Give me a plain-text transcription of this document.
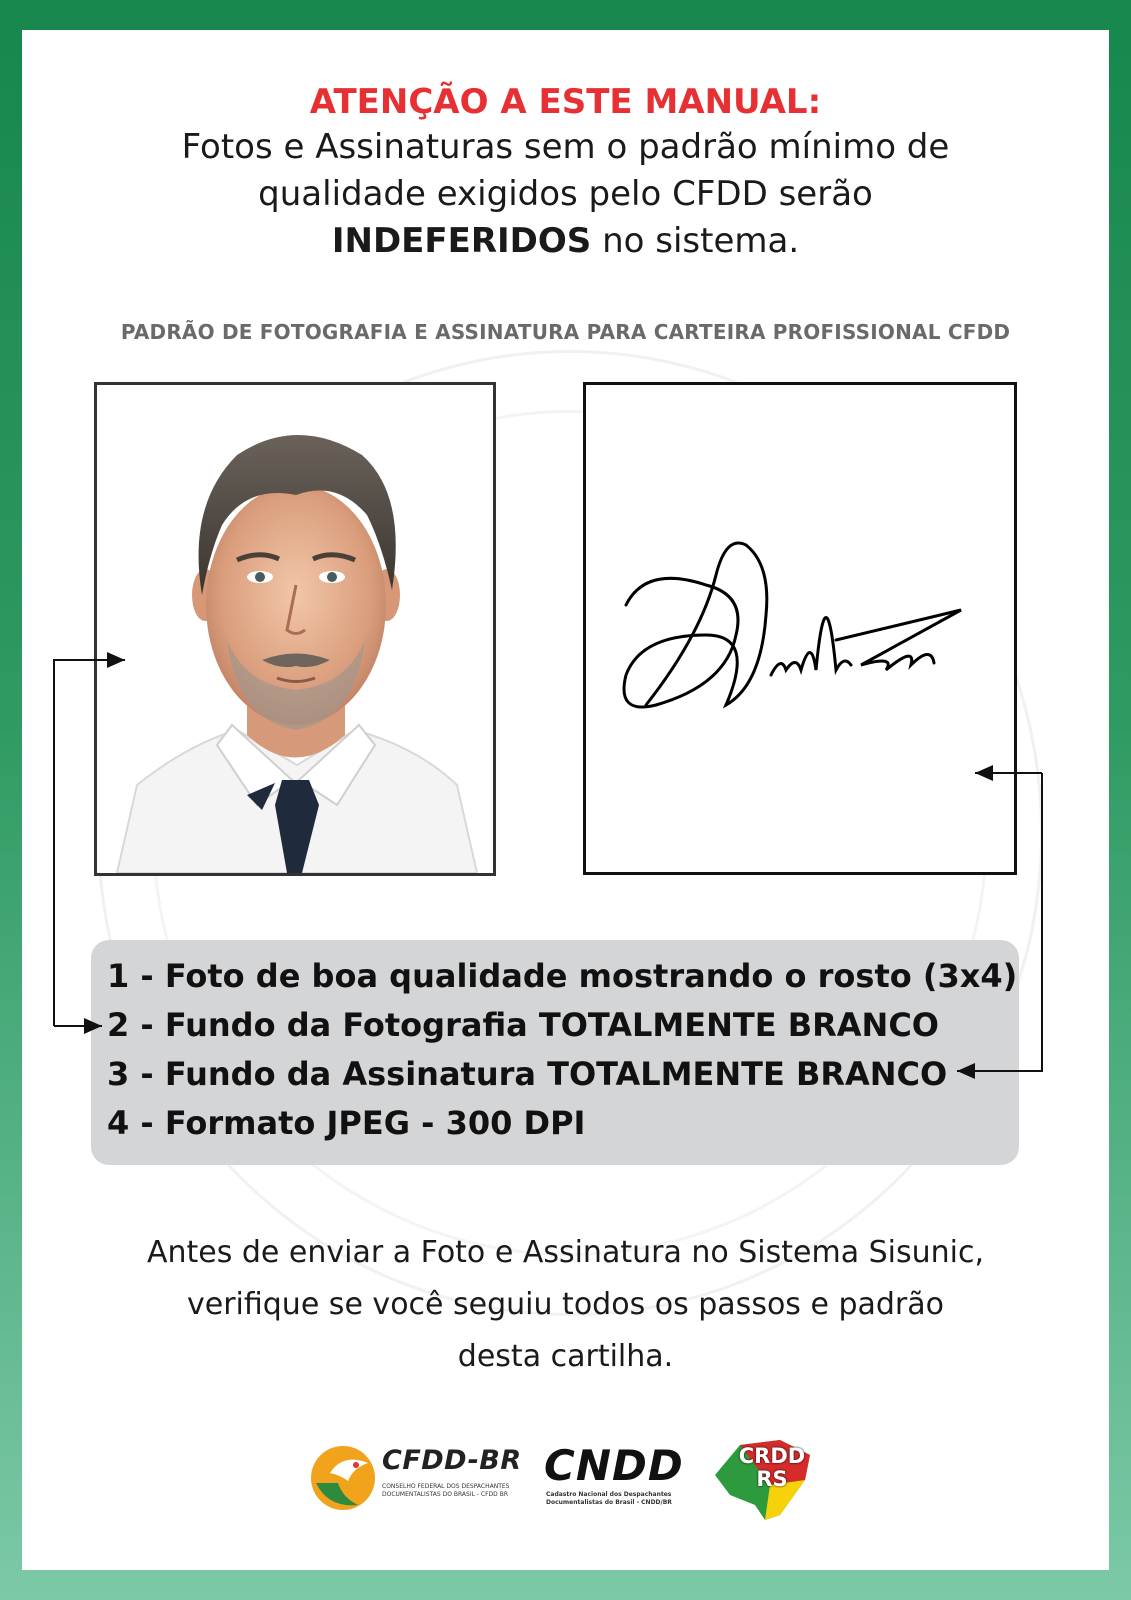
ATENÇÃO A ESTE MANUAL:
Fotos e Assinaturas sem o padrão mínimo de
qualidade exigidos pelo CFDD serão
INDEFERIDOS no sistema.
PADRÃO DE FOTOGRAFIA E ASSINATURA PARA CARTEIRA PROFISSIONAL CFDD
1 - Foto de boa qualidade mostrando o rosto (3x4)
2 - Fundo da Fotografia TOTALMENTE BRANCO
3 - Fundo da Assinatura TOTALMENTE BRANCO
4 - Formato JPEG - 300 DPI
Antes de enviar a Foto e Assinatura no Sistema Sisunic,
verifique se você seguiu todos os passos e padrão
desta cartilha.
CFDD-BR
CONSELHO FEDERAL DOS DESPACHANTES DOCUMENTALISTAS DO BRASIL - CFDD BR
CNDD
Cadastro Nacional dos Despachantes Documentalistas do Brasil - CNDD/BR
CRDD
RS
